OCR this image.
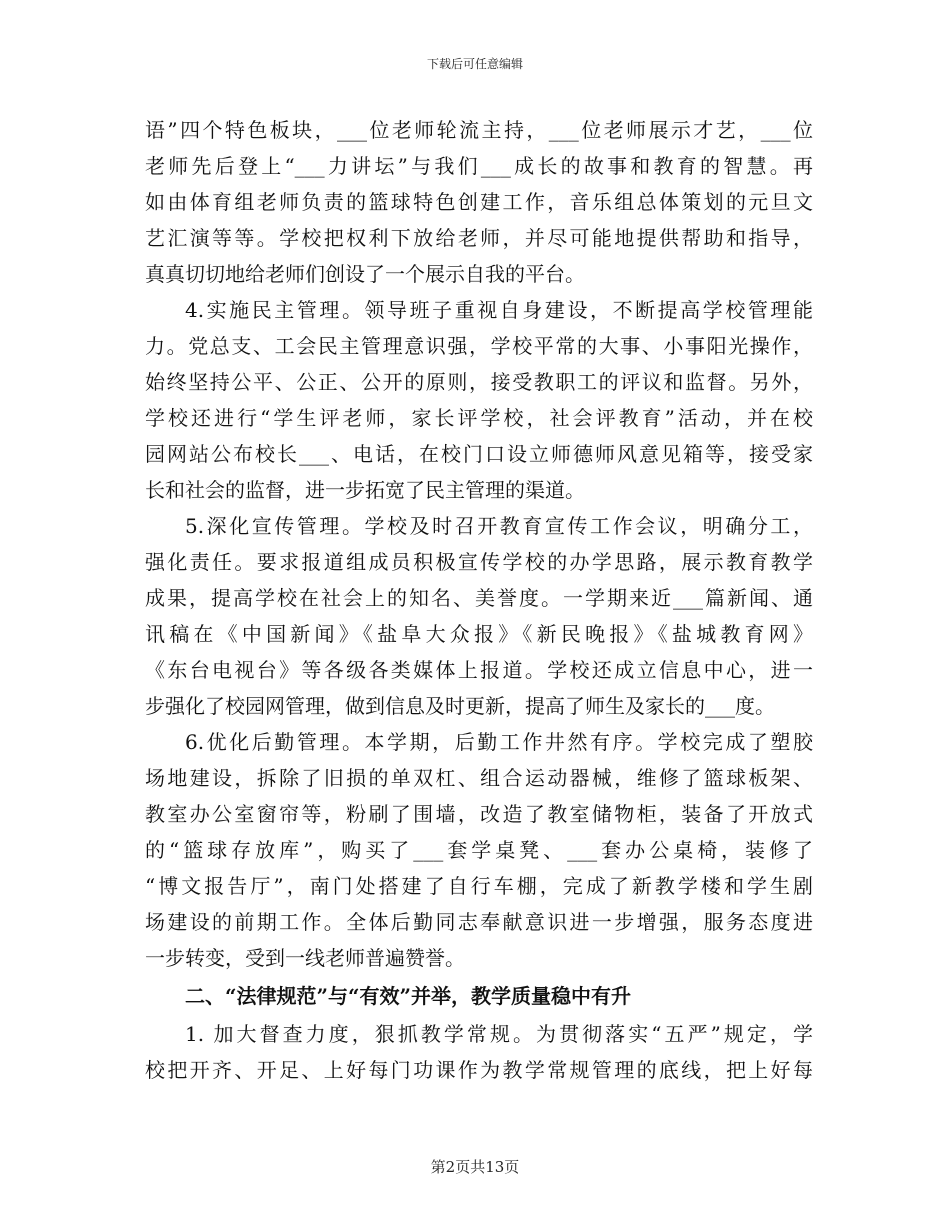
下载后可任意编辑
语”四个特色板块，___位老师轮流主持，___位老师展示才艺，___位
老师先后登上“___力讲坛”与我们___成长的故事和教育的智慧。再
如由体育组老师负责的篮球特色创建工作，音乐组总体策划的元旦文
艺汇演等等。学校把权利下放给老师，并尽可能地提供帮助和指导，
真真切切地给老师们创设了一个展示自我的平台。
4.实施民主管理。领导班子重视自身建设，不断提高学校管理能
力。党总支、工会民主管理意识强，学校平常的大事、小事阳光操作，
始终坚持公平、公正、公开的原则，接受教职工的评议和监督。另外，
学校还进行“学生评老师，家长评学校，社会评教育”活动，并在校
园网站公布校长___、电话，在校门口设立师德师风意见箱等，接受家
长和社会的监督，进一步拓宽了民主管理的渠道。
5.深化宣传管理。学校及时召开教育宣传工作会议，明确分工，
强化责任。要求报道组成员积极宣传学校的办学思路，展示教育教学
成果，提高学校在社会上的知名、美誉度。一学期来近___篇新闻、通
讯稿在《中国新闻》《盐阜大众报》《新民晚报》《盐城教育网》
《东台电视台》等各级各类媒体上报道。学校还成立信息中心，进一
步强化了校园网管理，做到信息及时更新，提高了师生及家长的___度。
6.优化后勤管理。本学期，后勤工作井然有序。学校完成了塑胶
场地建设，拆除了旧损的单双杠、组合运动器械，维修了篮球板架、
教室办公室窗帘等，粉刷了围墙，改造了教室储物柜，装备了开放式
的“篮球存放库”，购买了___套学桌凳、___套办公桌椅，装修了
“博文报告厅”，南门处搭建了自行车棚，完成了新教学楼和学生剧
场建设的前期工作。全体后勤同志奉献意识进一步增强，服务态度进
一步转变，受到一线老师普遍赞誉。
二、“法律规范”与“有效”并举，教学质量稳中有升
1. 加大督查力度，狠抓教学常规。为贯彻落实“五严”规定，学
校把开齐、开足、上好每门功课作为教学常规管理的底线，把上好每
第2页共13页
